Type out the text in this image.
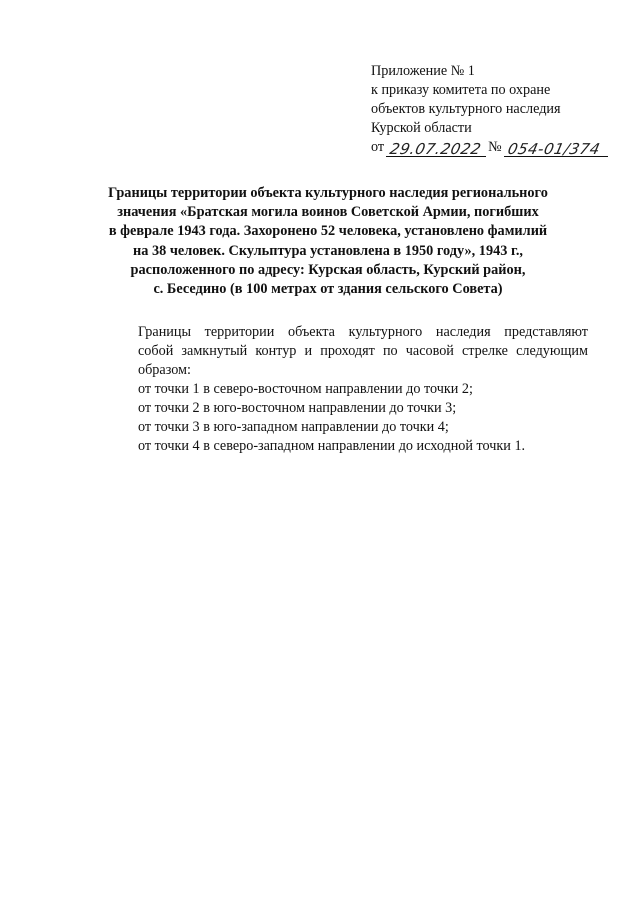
Приложение № 1
к приказу комитета по охране
объектов культурного наследия
Курской области
от 29.07.2022 № 054-01/374
Границы территории объекта культурного наследия регионального
значения «Братская могила воинов Советской Армии, погибших
в феврале 1943 года. Захоронено 52 человека, установлено фамилий
на 38 человек. Скульптура установлена в 1950 году», 1943 г.,
расположенного по адресу: Курская область, Курский район,
с. Беседино (в 100 метрах от здания сельского Совета)
Границы территории объекта культурного наследия представляют
собой замкнутый контур и проходят по часовой стрелке следующим
образом:
от точки 1 в северо-восточном направлении до точки 2;
от точки 2 в юго-восточном направлении до точки 3;
от точки 3 в юго-западном направлении до точки 4;
от точки 4 в северо-западном направлении до исходной точки 1.
